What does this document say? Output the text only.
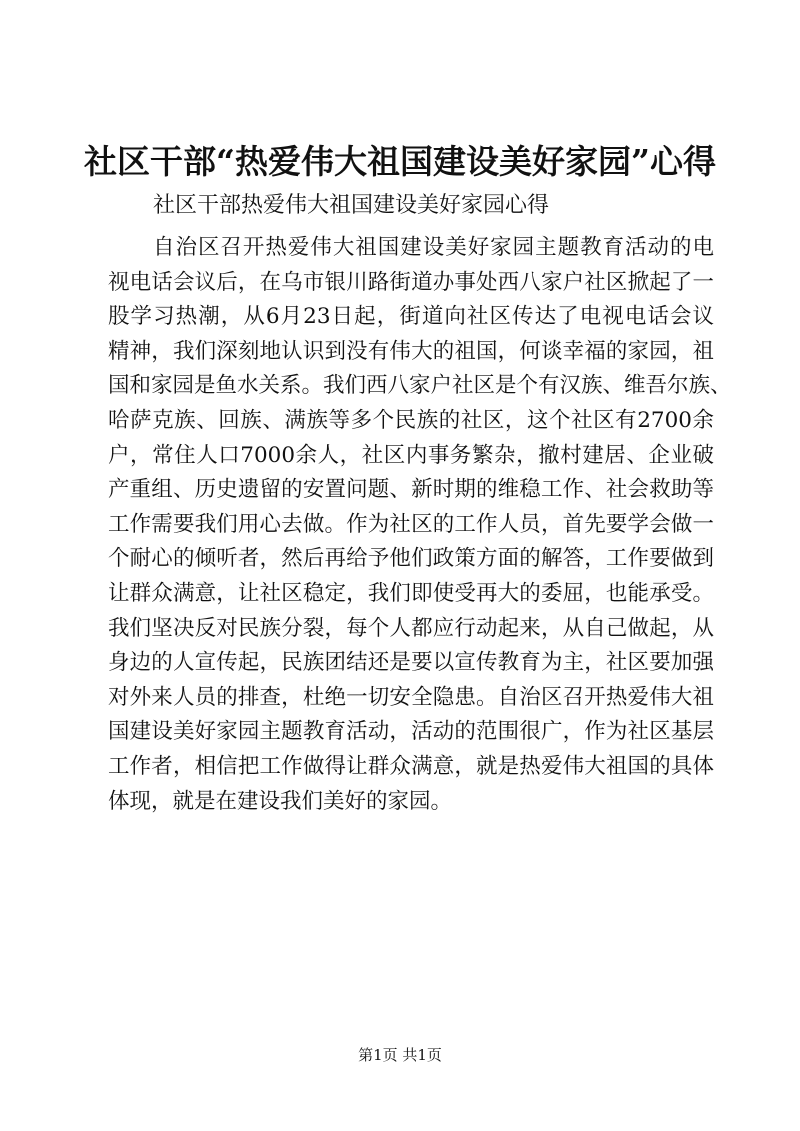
社区干部“热爱伟大祖国建设美好家园”心得
社区干部热爱伟大祖国建设美好家园心得
自治区召开热爱伟大祖国建设美好家园主题教育活动的电
视电话会议后，在乌市银川路街道办事处西八家户社区掀起了一
股学习热潮，从6月23日起，街道向社区传达了电视电话会议
精神，我们深刻地认识到没有伟大的祖国，何谈幸福的家园，祖
国和家园是鱼水关系。我们西八家户社区是个有汉族、维吾尔族、
哈萨克族、回族、满族等多个民族的社区，这个社区有2700余
户，常住人口7000余人，社区内事务繁杂，撤村建居、企业破
产重组、历史遗留的安置问题、新时期的维稳工作、社会救助等
工作需要我们用心去做。作为社区的工作人员，首先要学会做一
个耐心的倾听者，然后再给予他们政策方面的解答，工作要做到
让群众满意，让社区稳定，我们即使受再大的委屈，也能承受。
我们坚决反对民族分裂，每个人都应行动起来，从自己做起，从
身边的人宣传起，民族团结还是要以宣传教育为主，社区要加强
对外来人员的排查，杜绝一切安全隐患。自治区召开热爱伟大祖
国建设美好家园主题教育活动，活动的范围很广，作为社区基层
工作者，相信把工作做得让群众满意，就是热爱伟大祖国的具体
体现，就是在建设我们美好的家园。
第1页 共1页
